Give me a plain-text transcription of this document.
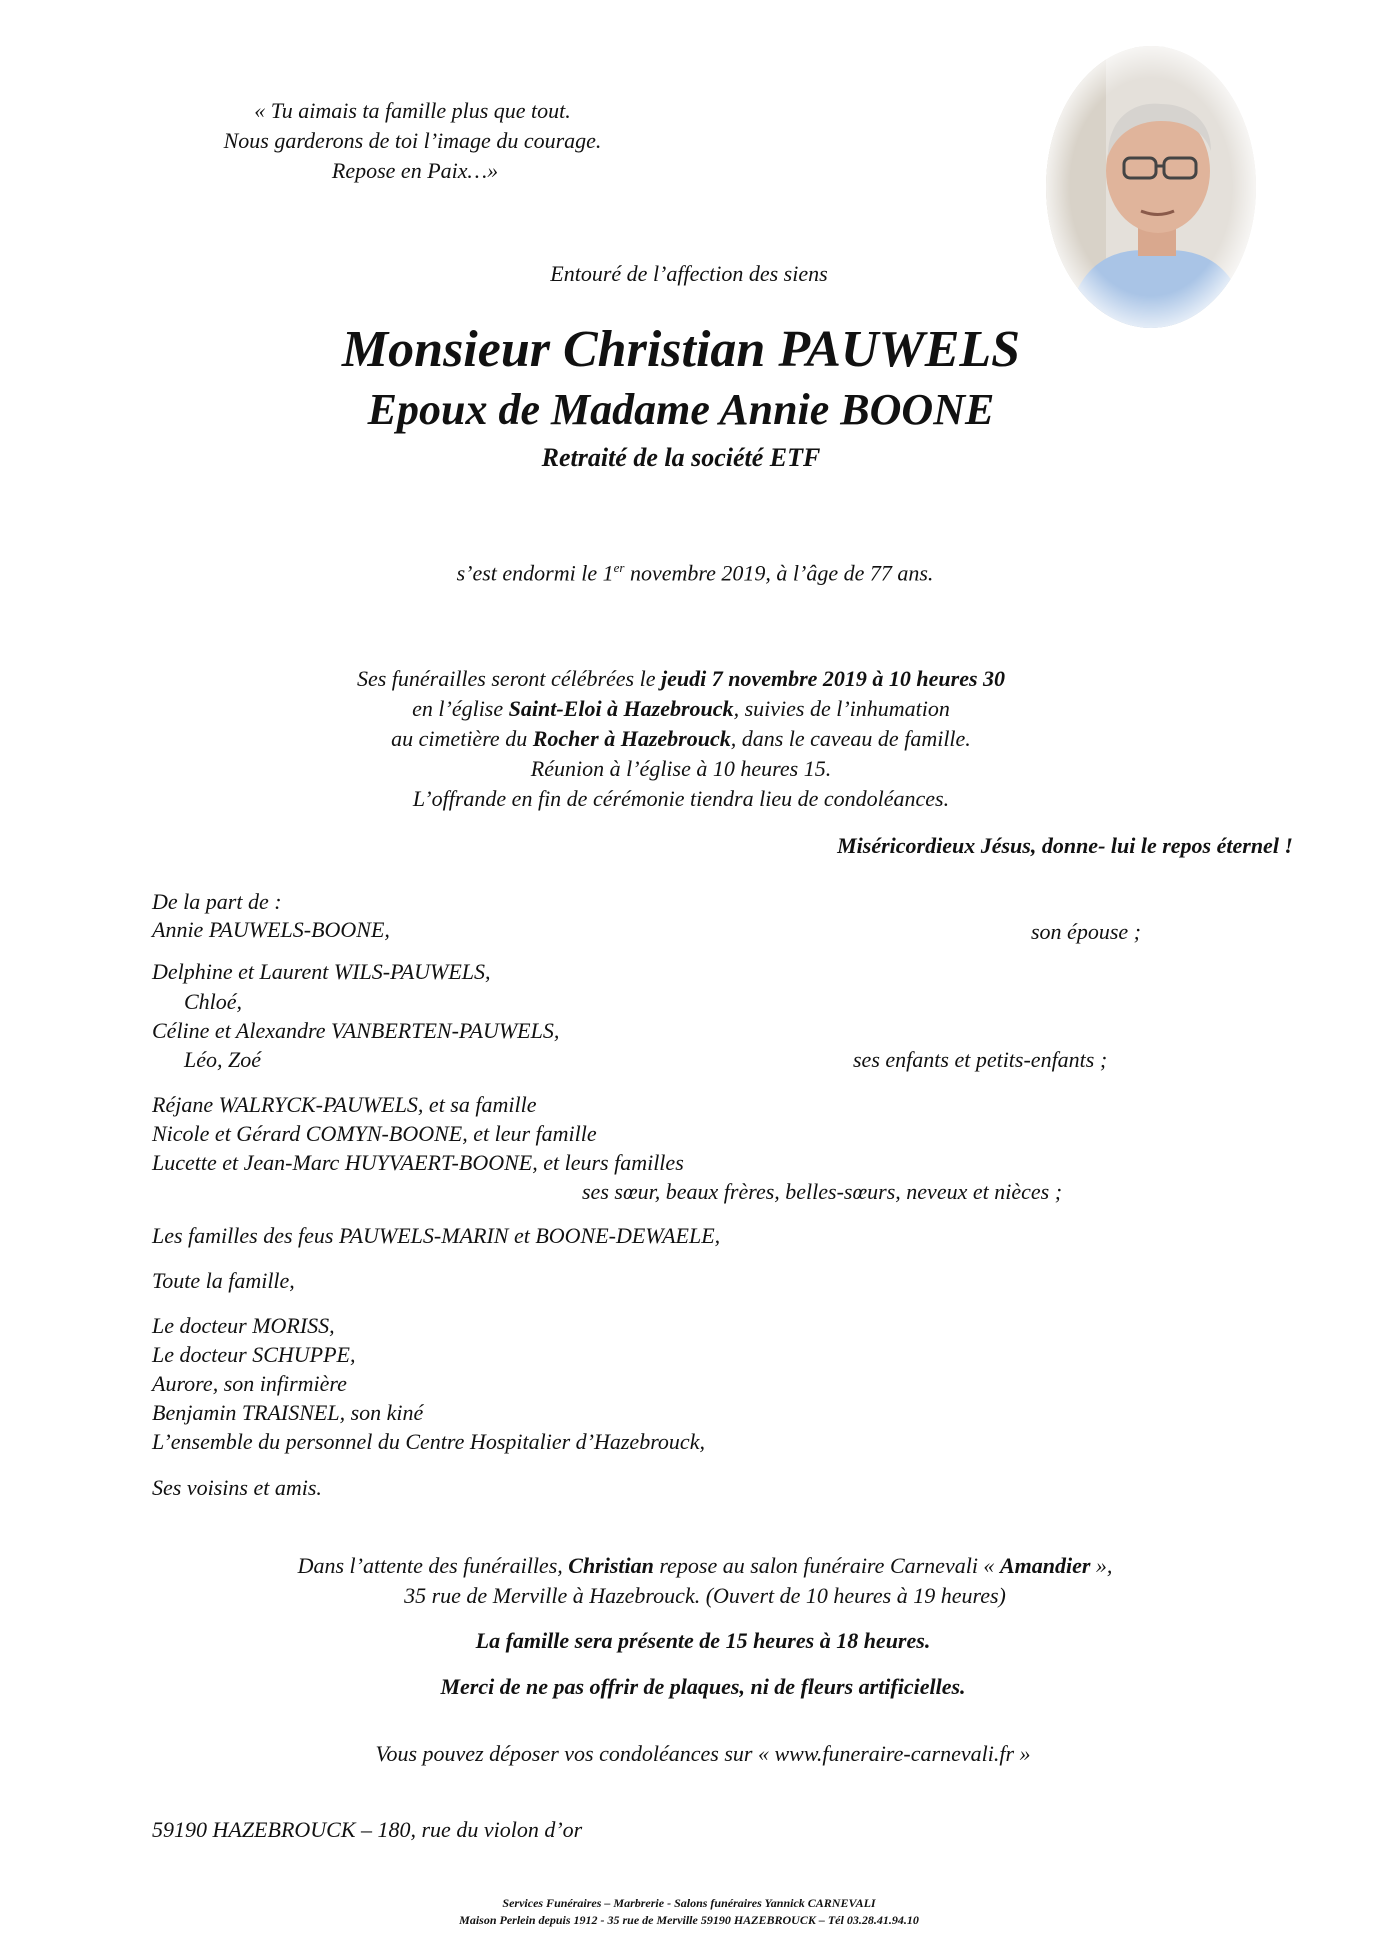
« Tu aimais ta famille plus que tout.
Nous garderons de toi l’image du courage.
Repose en Paix…»
Entouré de l’affection des siens
Monsieur Christian PAUWELS
Epoux de Madame Annie BOONE
Retraité de la société ETF
s’est endormi le 1er novembre 2019, à l’âge de 77 ans.
Ses funérailles seront célébrées le jeudi 7 novembre 2019 à 10 heures 30
en l’église Saint-Eloi à Hazebrouck, suivies de l’inhumation
au cimetière du Rocher à Hazebrouck, dans le caveau de famille.
Réunion à l’église à 10 heures 15.
L’offrande en fin de cérémonie tiendra lieu de condoléances.
Miséricordieux Jésus, donne- lui le repos éternel !
De la part de :
Annie PAUWELS-BOONE,	son épouse ;
Delphine et Laurent WILS-PAUWELS,
Chloé,
Céline et Alexandre VANBERTEN-PAUWELS,
Léo, Zoé	ses enfants et petits-enfants ;
Réjane WALRYCK-PAUWELS, et sa famille
Nicole et Gérard COMYN-BOONE, et leur famille
Lucette et Jean-Marc HUYVAERT-BOONE, et leurs familles
ses sœur, beaux frères, belles-sœurs, neveux et nièces ;
Les familles des feus PAUWELS-MARIN et BOONE-DEWAELE,
Toute la famille,
Le docteur MORISS,
Le docteur SCHUPPE,
Aurore, son infirmière
Benjamin TRAISNEL, son kiné
L’ensemble du personnel du Centre Hospitalier d’Hazebrouck,
Ses voisins et amis.
Dans l’attente des funérailles, Christian repose au salon funéraire Carnevali « Amandier »,
35 rue de Merville à Hazebrouck. (Ouvert de 10 heures à 19 heures)
La famille sera présente de 15 heures à 18 heures.
Merci de ne pas offrir de plaques, ni de fleurs artificielles.
Vous pouvez déposer vos condoléances sur « www.funeraire-carnevali.fr »
59190 HAZEBROUCK – 180, rue du violon d’or
Services Funéraires – Marbrerie - Salons funéraires Yannick CARNEVALI
Maison Perlein depuis 1912 - 35 rue de Merville 59190 HAZEBROUCK – Tél 03.28.41.94.10
